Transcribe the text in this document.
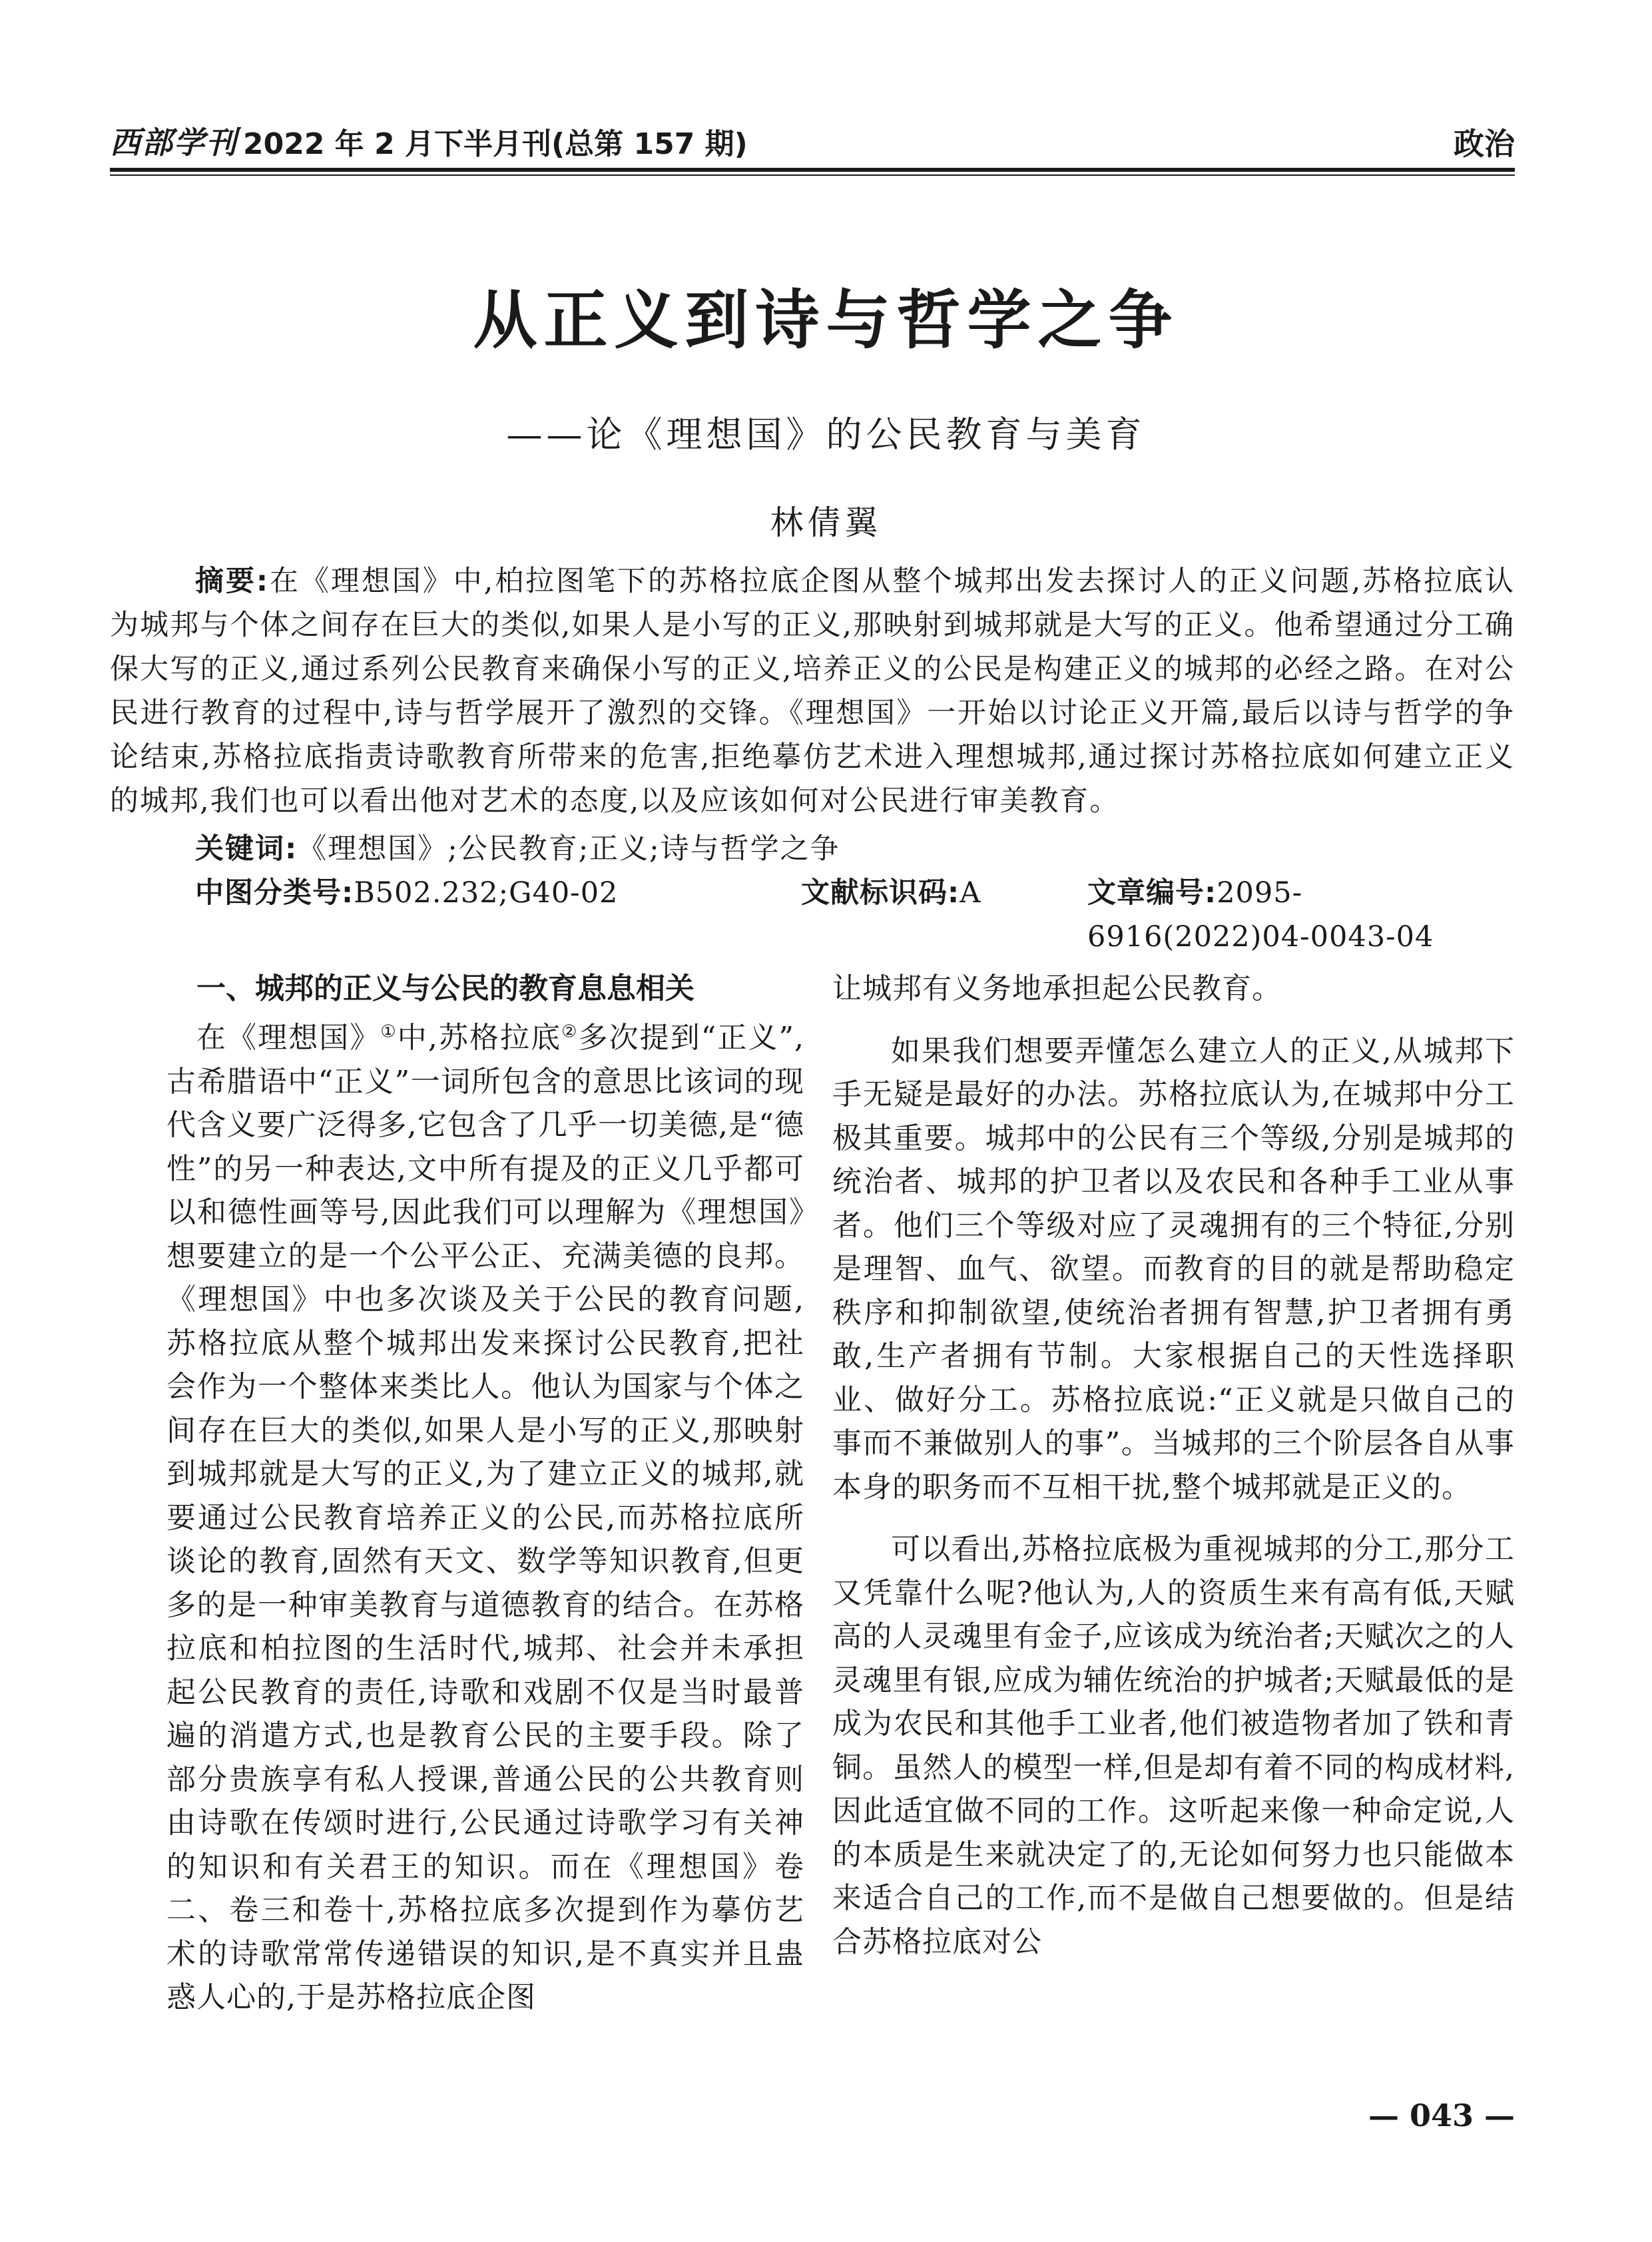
西部学刊 2022 年 2 月下半月刊(总第 157 期)	政治
从正义到诗与哲学之争
——论《理想国》的公民教育与美育
林倩翼

摘要:在《理想国》中,柏拉图笔下的苏格拉底企图从整个城邦出发去探讨人的正义问题,苏格拉底认为城邦与个体之间存在巨大的类似,如果人是小写的正义,那映射到城邦就是大写的正义。他希望通过分工确保大写的正义,通过系列公民教育来确保小写的正义,培养正义的公民是构建正义的城邦的必经之路。在对公民进行教育的过程中,诗与哲学展开了激烈的交锋。《理想国》一开始以讨论正义开篇,最后以诗与哲学的争论结束,苏格拉底指责诗歌教育所带来的危害,拒绝摹仿艺术进入理想城邦,通过探讨苏格拉底如何建立正义的城邦,我们也可以看出他对艺术的态度,以及应该如何对公民进行审美教育。

关键词:《理想国》;公民教育;正义;诗与哲学之争
中图分类号:B502.232;G40-02	文献标识码:A	文章编号:2095-6916(2022)04-0043-04
一、城邦的正义与公民的教育息息相关

在《理想国》①中,苏格拉底②多次提到“正义”,古希腊语中“正义”一词所包含的意思比该词的现代含义要广泛得多,它包含了几乎一切美德,是“德性”的另一种表达,文中所有提及的正义几乎都可以和德性画等号,因此我们可以理解为《理想国》想要建立的是一个公平公正、充满美德的良邦。《理想国》中也多次谈及关于公民的教育问题,苏格拉底从整个城邦出发来探讨公民教育,把社会作为一个整体来类比人。他认为国家与个体之间存在巨大的类似,如果人是小写的正义,那映射到城邦就是大写的正义,为了建立正义的城邦,就要通过公民教育培养正义的公民,而苏格拉底所谈论的教育,固然有天文、数学等知识教育,但更多的是一种审美教育与道德教育的结合。在苏格拉底和柏拉图的生活时代,城邦、社会并未承担起公民教育的责任,诗歌和戏剧不仅是当时最普遍的消遣方式,也是教育公民的主要手段。除了部分贵族享有私人授课,普通公民的公共教育则由诗歌在传颂时进行,公民通过诗歌学习有关神的知识和有关君王的知识。而在《理想国》卷二、卷三和卷十,苏格拉底多次提到作为摹仿艺术的诗歌常常传递错误的知识,是不真实并且蛊惑人心的,于是苏格拉底企图

让城邦有义务地承担起公民教育。

如果我们想要弄懂怎么建立人的正义,从城邦下手无疑是最好的办法。苏格拉底认为,在城邦中分工极其重要。城邦中的公民有三个等级,分别是城邦的统治者、城邦的护卫者以及农民和各种手工业从事者。他们三个等级对应了灵魂拥有的三个特征,分别是理智、血气、欲望。而教育的目的就是帮助稳定秩序和抑制欲望,使统治者拥有智慧,护卫者拥有勇敢,生产者拥有节制。大家根据自己的天性选择职业、做好分工。苏格拉底说:“正义就是只做自己的事而不兼做别人的事”。当城邦的三个阶层各自从事本身的职务而不互相干扰,整个城邦就是正义的。

可以看出,苏格拉底极为重视城邦的分工,那分工又凭靠什么呢?他认为,人的资质生来有高有低,天赋高的人灵魂里有金子,应该成为统治者;天赋次之的人灵魂里有银,应成为辅佐统治的护城者;天赋最低的是成为农民和其他手工业者,他们被造物者加了铁和青铜。虽然人的模型一样,但是却有着不同的构成材料,因此适宜做不同的工作。这听起来像一种命定说,人的本质是生来就决定了的,无论如何努力也只能做本来适合自己的工作,而不是做自己想要做的。但是结合苏格拉底对公

— 043 —
